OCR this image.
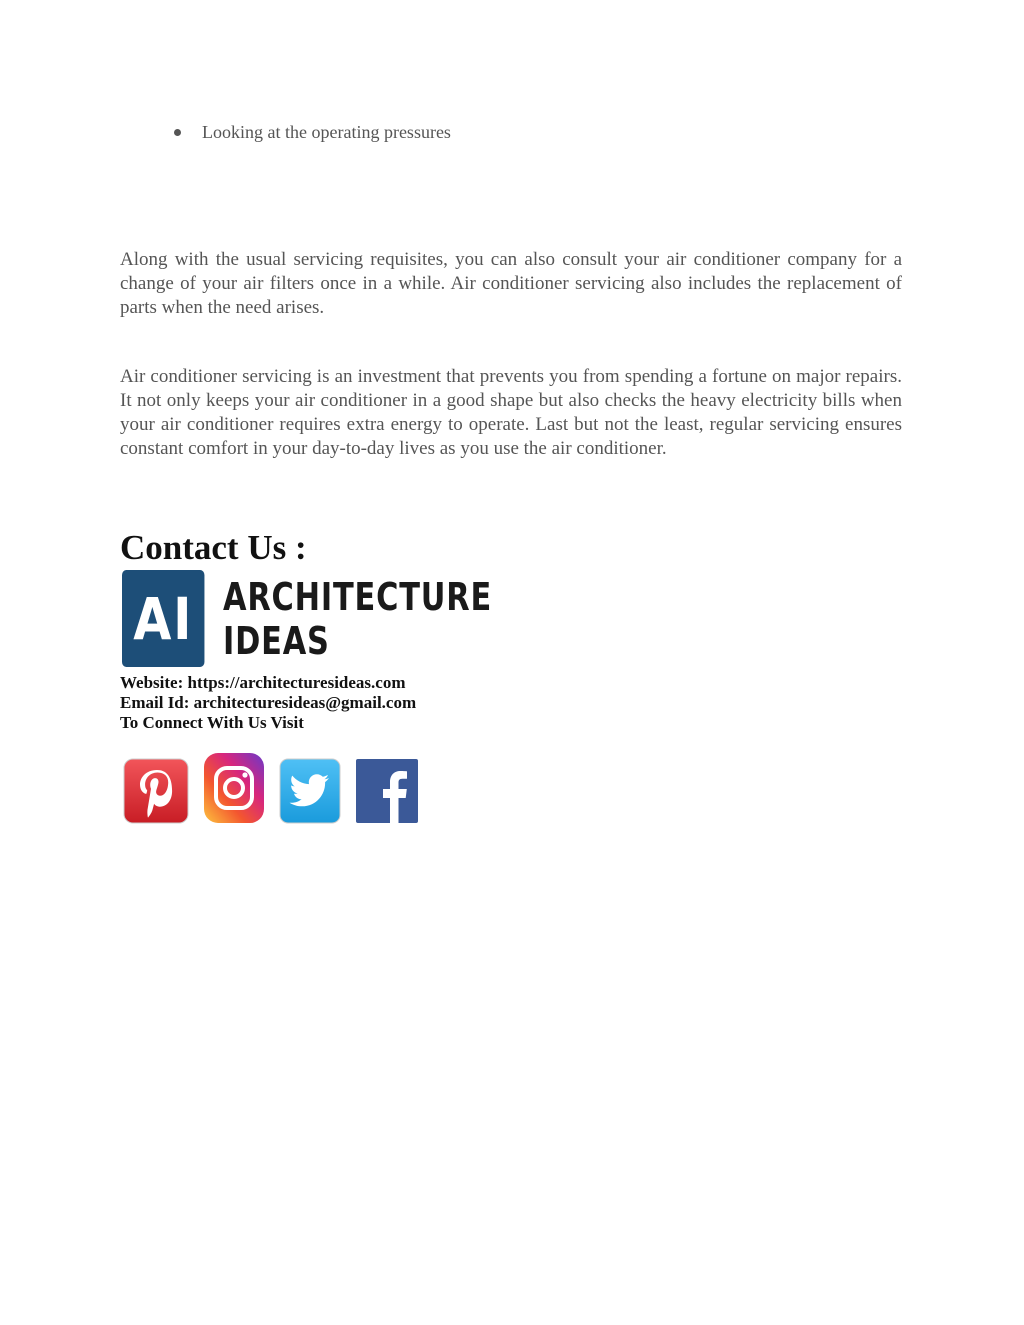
Looking at the operating pressures

Along with the usual servicing requisites, you can also consult your air conditioner company for a change of your air filters once in a while. Air conditioner servicing also includes the replacement of parts when the need arises.

Air conditioner servicing is an investment that prevents you from spending a fortune on major repairs. It not only keeps your air conditioner in a good shape but also checks the heavy electricity bills when your air conditioner requires extra energy to operate. Last but not the least, regular servicing ensures constant comfort in your day-to-day lives as you use the air conditioner.

Contact Us :
AI ARCHITECTURE
IDEAS
Website: https://architecturesideas.com
Email Id: architecturesideas@gmail.com
To Connect With Us Visit
